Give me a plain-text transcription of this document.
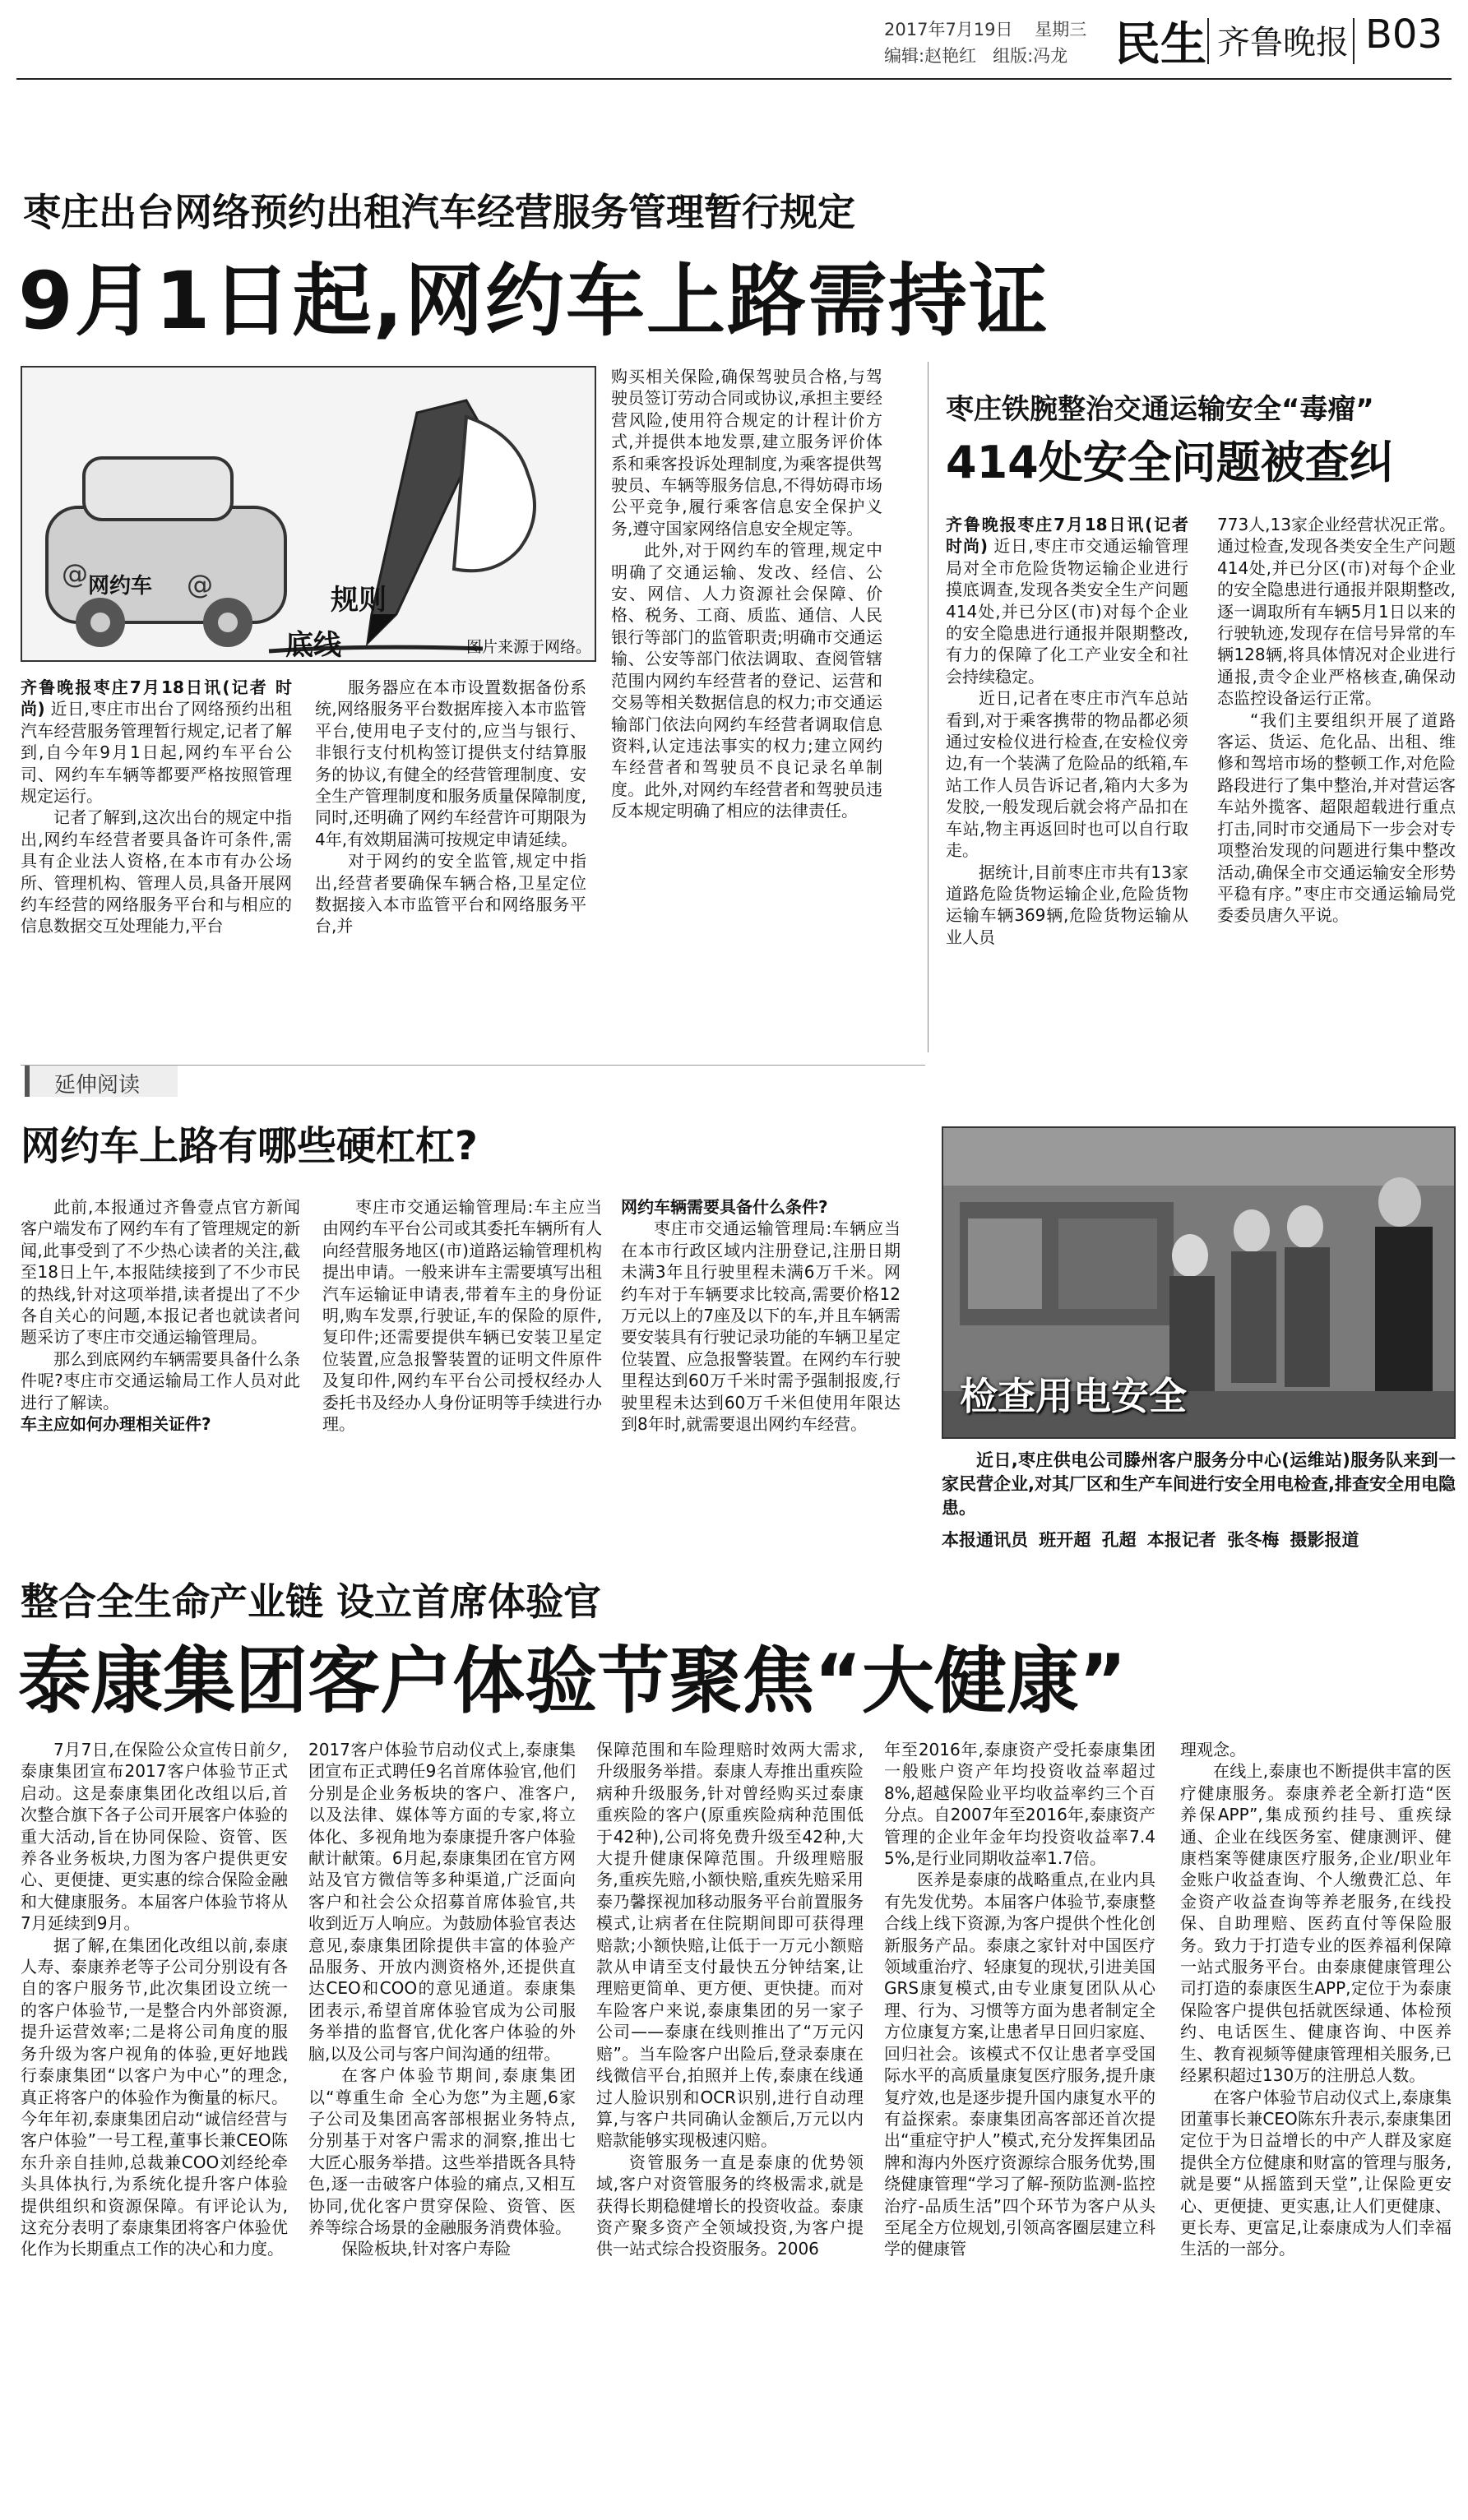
2017年7月19日 星期三
编辑:赵艳红 组版:冯龙 民生 齐鲁晚报 B03
枣庄出台网络预约出租汽车经营服务管理暂行规定
9月1日起,网约车上路需持证
@	@
网约车	规则
底线	图片来源于网络。

齐鲁晚报枣庄7月18日讯(记者 时尚) 近日,枣庄市出台了网络预约出租汽车经营服务管理暂行规定,记者了解到,自今年9月1日起,网约车平台公司、网约车车辆等都要严格按照管理规定运行。

记者了解到,这次出台的规定中指出,网约车经营者要具备许可条件,需具有企业法人资格,在本市有办公场所、管理机构、管理人员,具备开展网约车经营的网络服务平台和与相应的信息数据交互处理能力,平台

服务器应在本市设置数据备份系统,网络服务平台数据库接入本市监管平台,使用电子支付的,应当与银行、非银行支付机构签订提供支付结算服务的协议,有健全的经营管理制度、安全生产管理制度和服务质量保障制度,同时,还明确了网约车经营许可期限为4年,有效期届满可按规定申请延续。

对于网约的安全监管,规定中指出,经营者要确保车辆合格,卫星定位数据接入本市监管平台和网络服务平台,并

购买相关保险,确保驾驶员合格,与驾驶员签订劳动合同或协议,承担主要经营风险,使用符合规定的计程计价方式,并提供本地发票,建立服务评价体系和乘客投诉处理制度,为乘客提供驾驶员、车辆等服务信息,不得妨碍市场公平竞争,履行乘客信息安全保护义务,遵守国家网络信息安全规定等。

此外,对于网约车的管理,规定中明确了交通运输、发改、经信、公安、网信、人力资源社会保障、价格、税务、工商、质监、通信、人民银行等部门的监管职责;明确市交通运输、公安等部门依法调取、查阅管辖范围内网约车经营者的登记、运营和交易等相关数据信息的权力;市交通运输部门依法向网约车经营者调取信息资料,认定违法事实的权力;建立网约车经营者和驾驶员不良记录名单制度。此外,对网约车经营者和驾驶员违反本规定明确了相应的法律责任。

枣庄铁腕整治交通运输安全“毒瘤”
414处安全问题被查纠

齐鲁晚报枣庄7月18日讯(记者 时尚) 近日,枣庄市交通运输管理局对全市危险货物运输企业进行摸底调查,发现各类安全生产问题414处,并已分区(市)对每个企业的安全隐患进行通报并限期整改,有力的保障了化工产业安全和社会持续稳定。

近日,记者在枣庄市汽车总站看到,对于乘客携带的物品都必须通过安检仪进行检查,在安检仪旁边,有一个装满了危险品的纸箱,车站工作人员告诉记者,箱内大多为发胶,一般发现后就会将产品扣在车站,物主再返回时也可以自行取走。

据统计,目前枣庄市共有13家道路危险货物运输企业,危险货物运输车辆369辆,危险货物运输从业人员

773人,13家企业经营状况正常。通过检查,发现各类安全生产问题414处,并已分区(市)对每个企业的安全隐患进行通报并限期整改,逐一调取所有车辆5月1日以来的行驶轨迹,发现存在信号异常的车辆128辆,将具体情况对企业进行通报,责令企业严格核查,确保动态监控设备运行正常。

“我们主要组织开展了道路客运、货运、危化品、出租、维修和驾培市场的整顿工作,对危险路段进行了集中整治,并对营运客车站外揽客、超限超载进行重点打击,同时市交通局下一步会对专项整治发现的问题进行集中整改活动,确保全市交通运输安全形势平稳有序。”枣庄市交通运输局党委委员唐久平说。

延伸阅读
网约车上路有哪些硬杠杠?

此前,本报通过齐鲁壹点官方新闻客户端发布了网约车有了管理规定的新闻,此事受到了不少热心读者的关注,截至18日上午,本报陆续接到了不少市民的热线,针对这项举措,读者提出了不少各自关心的问题,本报记者也就读者问题采访了枣庄市交通运输管理局。

那么到底网约车辆需要具备什么条件呢?枣庄市交通运输局工作人员对此进行了解读。

车主应如何办理相关证件?

枣庄市交通运输管理局:车主应当由网约车平台公司或其委托车辆所有人向经营服务地区(市)道路运输管理机构提出申请。一般来讲车主需要填写出租汽车运输证申请表,带着车主的身份证明,购车发票,行驶证,车的保险的原件,复印件;还需要提供车辆已安装卫星定位装置,应急报警装置的证明文件原件及复印件,网约车平台公司授权经办人委托书及经办人身份证明等手续进行办理。

网约车辆需要具备什么条件?

枣庄市交通运输管理局:车辆应当在本市行政区域内注册登记,注册日期未满3年且行驶里程未满6万千米。网约车对于车辆要求比较高,需要价格12万元以上的7座及以下的车,并且车辆需要安装具有行驶记录功能的车辆卫星定位装置、应急报警装置。在网约车行驶里程达到60万千米时需予强制报废,行驶里程未达到60万千米但使用年限达到8年时,就需要退出网约车经营。

检查用电安全

近日,枣庄供电公司滕州客户服务分中心(运维站)服务队来到一家民营企业,对其厂区和生产车间进行安全用电检查,排查安全用电隐患。

本报通讯员 班开超 孔超 本报记者 张冬梅 摄影报道
整合全生命产业链 设立首席体验官
泰康集团客户体验节聚焦“大健康”

7月7日,在保险公众宣传日前夕,泰康集团宣布2017客户体验节正式启动。这是泰康集团化改组以后,首次整合旗下各子公司开展客户体验的重大活动,旨在协同保险、资管、医养各业务板块,力图为客户提供更安心、更便捷、更实惠的综合保险金融和大健康服务。本届客户体验节将从7月延续到9月。

据了解,在集团化改组以前,泰康人寿、泰康养老等子公司分别设有各自的客户服务节,此次集团设立统一的客户体验节,一是整合内外部资源,提升运营效率;二是将公司角度的服务升级为客户视角的体验,更好地践行泰康集团“以客户为中心”的理念,真正将客户的体验作为衡量的标尺。今年年初,泰康集团启动“诚信经营与客户体验”一号工程,董事长兼CEO陈东升亲自挂帅,总裁兼COO刘经纶牵头具体执行,为系统化提升客户体验提供组织和资源保障。有评论认为,这充分表明了泰康集团将客户体验优化作为长期重点工作的决心和力度。

2017客户体验节启动仪式上,泰康集团宣布正式聘任9名首席体验官,他们分别是企业务板块的客户、准客户,以及法律、媒体等方面的专家,将立体化、多视角地为泰康提升客户体验献计献策。6月起,泰康集团在官方网站及官方微信等多种渠道,广泛面向客户和社会公众招募首席体验官,共收到近万人响应。为鼓励体验官表达意见,泰康集团除提供丰富的体验产品服务、开放内测资格外,还提供直达CEO和COO的意见通道。泰康集团表示,希望首席体验官成为公司服务举措的监督官,优化客户体验的外脑,以及公司与客户间沟通的纽带。

在客户体验节期间,泰康集团以“尊重生命 全心为您”为主题,6家子公司及集团高客部根据业务特点,分别基于对客户需求的洞察,推出七大匠心服务举措。这些举措既各具特色,逐一击破客户体验的痛点,又相互协同,优化客户贯穿保险、资管、医养等综合场景的金融服务消费体验。

保险板块,针对客户寿险

保障范围和车险理赔时效两大需求,升级服务举措。泰康人寿推出重疾险病种升级服务,针对曾经购买过泰康重疾险的客户(原重疾险病种范围低于42种),公司将免费升级至42种,大大提升健康保障范围。升级理赔服务,重疾先赔,小额快赔,重疾先赔采用泰乃馨探视加移动服务平台前置服务模式,让病者在住院期间即可获得理赔款;小额快赔,让低于一万元小额赔款从申请至支付最快五分钟结案,让理赔更简单、更方便、更快捷。而对车险客户来说,泰康集团的另一家子公司——泰康在线则推出了“万元闪赔”。当车险客户出险后,登录泰康在线微信平台,拍照并上传,泰康在线通过人脸识别和OCR识别,进行自动理算,与客户共同确认金额后,万元以内赔款能够实现极速闪赔。

资管服务一直是泰康的优势领域,客户对资管服务的终极需求,就是获得长期稳健增长的投资收益。泰康资产聚多资产全领域投资,为客户提供一站式综合投资服务。2006

年至2016年,泰康资产受托泰康集团一般账户资产年均投资收益率超过8%,超越保险业平均收益率约三个百分点。自2007年至2016年,泰康资产管理的企业年金年均投资收益率7.45%,是行业同期收益率1.7倍。

医养是泰康的战略重点,在业内具有先发优势。本届客户体验节,泰康整合线上线下资源,为客户提供个性化创新服务产品。泰康之家针对中国医疗领域重治疗、轻康复的现状,引进美国GRS康复模式,由专业康复团队从心理、行为、习惯等方面为患者制定全方位康复方案,让患者早日回归家庭、回归社会。该模式不仅让患者享受国际水平的高质量康复医疗服务,提升康复疗效,也是逐步提升国内康复水平的有益探索。泰康集团高客部还首次提出“重症守护人”模式,充分发挥集团品牌和海内外医疗资源综合服务优势,围绕健康管理“学习了解-预防监测-监控治疗-品质生活”四个环节为客户从头至尾全方位规划,引领高客圈层建立科学的健康管

理观念。

在线上,泰康也不断提供丰富的医疗健康服务。泰康养老全新打造“医养保APP”,集成预约挂号、重疾绿通、企业在线医务室、健康测评、健康档案等健康医疗服务,企业/职业年金账户收益查询、个人缴费汇总、年金资产收益查询等养老服务,在线投保、自助理赔、医药直付等保险服务。致力于打造专业的医养福利保障一站式服务平台。由泰康健康管理公司打造的泰康医生APP,定位于为泰康保险客户提供包括就医绿通、体检预约、电话医生、健康咨询、中医养生、教育视频等健康管理相关服务,已经累积超过130万的注册总人数。

在客户体验节启动仪式上,泰康集团董事长兼CEO陈东升表示,泰康集团定位于为日益增长的中产人群及家庭提供全方位健康和财富的管理与服务,就是要“从摇篮到天堂”,让保险更安心、更便捷、更实惠,让人们更健康、更长寿、更富足,让泰康成为人们幸福生活的一部分。
